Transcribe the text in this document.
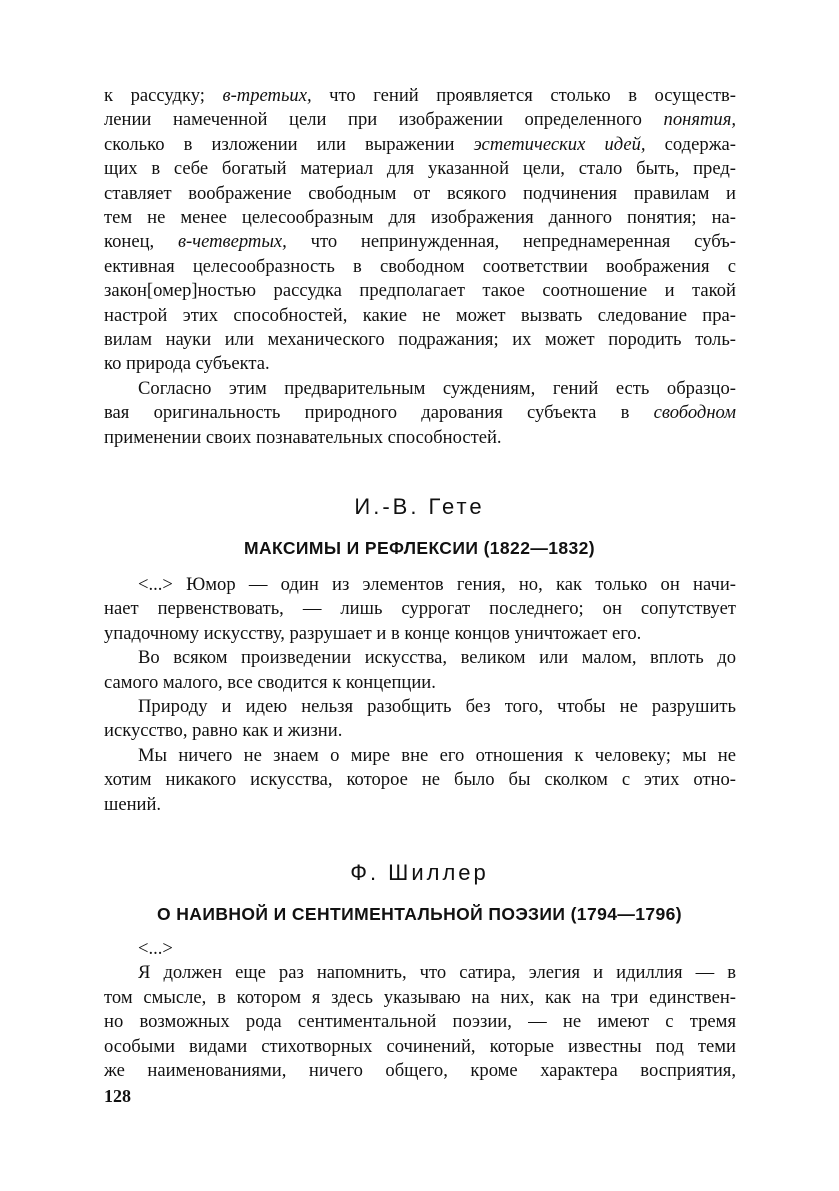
к рассудку; в-третьих, что гений проявляется столько в осуществ-
лении намеченной цели при изображении определенного понятия,
сколько в изложении или выражении эстетических идей, содержа-
щих в себе богатый материал для указанной цели, стало быть, пред-
ставляет воображение свободным от всякого подчинения правилам и
тем не менее целесообразным для изображения данного понятия; на-
конец, в-четвертых, что непринужденная, непреднамеренная субъ-
ективная целесообразность в свободном соответствии воображения с
закон[омер]ностью рассудка предполагает такое соотношение и такой
настрой этих способностей, какие не может вызвать следование пра-
вилам науки или механического подражания; их может породить толь-
ко природа субъекта.

Согласно этим предварительным суждениям, гений есть образцо-
вая оригинальность природного дарования субъекта в свободном
применении своих познавательных способностей.

И.-В. Гете
МАКСИМЫ И РЕФЛЕКСИИ (1822—1832)

<...> Юмор — один из элементов гения, но, как только он начи-
нает первенствовать, — лишь суррогат последнего; он сопутствует
упадочному искусству, разрушает и в конце концов уничтожает его.

Во всяком произведении искусства, великом или малом, вплоть до
самого малого, все сводится к концепции.

Природу и идею нельзя разобщить без того, чтобы не разрушить
искусство, равно как и жизни.

Мы ничего не знаем о мире вне его отношения к человеку; мы не
хотим никакого искусства, которое не было бы сколком с этих отно-
шений.

Ф. Шиллер
О НАИВНОЙ И СЕНТИМЕНТАЛЬНОЙ ПОЭЗИИ (1794—1796)

<...>

Я должен еще раз напомнить, что сатира, элегия и идиллия — в
том смысле, в котором я здесь указываю на них, как на три единствен-
но возможных рода сентиментальной поэзии, — не имеют с тремя
особыми видами стихотворных сочинений, которые известны под теми
же наименованиями, ничего общего, кроме характера восприятия,

128
